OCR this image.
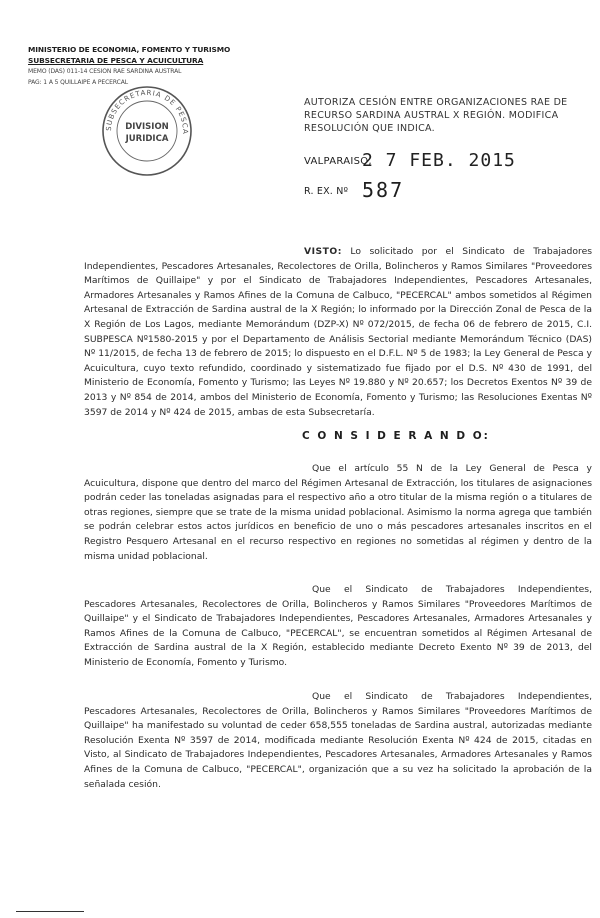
MINISTERIO DE ECONOMIA, FOMENTO Y TURISMO
SUBSECRETARIA DE PESCA Y ACUICULTURA
MEMO (DAS) 011-14 CESION RAE SARDINA AUSTRAL
PAG: 1 A 5 QUILLAIPE A PECERCAL
SUBSECRETARIA DE PESCA
DIVISION
JURIDICA
AUTORIZA CESIÓN ENTRE ORGANIZACIONES RAE DE RECURSO SARDINA AUSTRAL X REGIÓN. MODIFICA RESOLUCIÓN QUE INDICA.
VALPARAISO,
2 7 FEB. 2015
R. EX. Nº 587
VISTO: Lo solicitado por el Sindicato de Trabajadores Independientes, Pescadores Artesanales, Recolectores de Orilla, Bolincheros y Ramos Similares "Proveedores Marítimos de Quillaipe" y por el Sindicato de Trabajadores Independientes, Pescadores Artesanales, Armadores Artesanales y Ramos Afines de la Comuna de Calbuco, "PECERCAL" ambos sometidos al Régimen Artesanal de Extracción de Sardina austral de la X Región; lo informado por la Dirección Zonal de Pesca de la X Región de Los Lagos, mediante Memorándum (DZP-X) Nº 072/2015, de fecha 06 de febrero de 2015, C.I. SUBPESCA Nº1580-2015 y por el Departamento de Análisis Sectorial mediante Memorándum Técnico (DAS) Nº 11/2015, de fecha 13 de febrero de 2015; lo dispuesto en el D.F.L. Nº 5 de 1983; la Ley General de Pesca y Acuicultura, cuyo texto refundido, coordinado y sistematizado fue fijado por el D.S. Nº 430 de 1991, del Ministerio de Economía, Fomento y Turismo; las Leyes Nº 19.880 y Nº 20.657; los Decretos Exentos Nº 39 de 2013 y Nº 854 de 2014, ambos del Ministerio de Economía, Fomento y Turismo; las Resoluciones Exentas Nº 3597 de 2014 y Nº 424 de 2015, ambas de esta Subsecretaría.
C O N S I D E R A N D O:
Que el artículo 55 N de la Ley General de Pesca y Acuicultura, dispone que dentro del marco del Régimen Artesanal de Extracción, los titulares de asignaciones podrán ceder las toneladas asignadas para el respectivo año a otro titular de la misma región o a titulares de otras regiones, siempre que se trate de la misma unidad poblacional. Asimismo la norma agrega que también se podrán celebrar estos actos jurídicos en beneficio de uno o más pescadores artesanales inscritos en el Registro Pesquero Artesanal en el recurso respectivo en regiones no sometidas al régimen y dentro de la misma unidad poblacional.
Que el Sindicato de Trabajadores Independientes, Pescadores Artesanales, Recolectores de Orilla, Bolincheros y Ramos Similares "Proveedores Marítimos de Quillaipe" y el Sindicato de Trabajadores Independientes, Pescadores Artesanales, Armadores Artesanales y Ramos Afines de la Comuna de Calbuco, "PECERCAL", se encuentran sometidos al Régimen Artesanal de Extracción de Sardina austral de la X Región, establecido mediante Decreto Exento Nº 39 de 2013, del Ministerio de Economía, Fomento y Turismo.
Que el Sindicato de Trabajadores Independientes, Pescadores Artesanales, Recolectores de Orilla, Bolincheros y Ramos Similares "Proveedores Marítimos de Quillaipe" ha manifestado su voluntad de ceder 658,555 toneladas de Sardina austral, autorizadas mediante Resolución Exenta Nº 3597 de 2014, modificada mediante Resolución Exenta Nº 424 de 2015, citadas en Visto, al Sindicato de Trabajadores Independientes, Pescadores Artesanales, Armadores Artesanales y Ramos Afines de la Comuna de Calbuco, "PECERCAL", organización que a su vez ha solicitado la aprobación de la señalada cesión.
